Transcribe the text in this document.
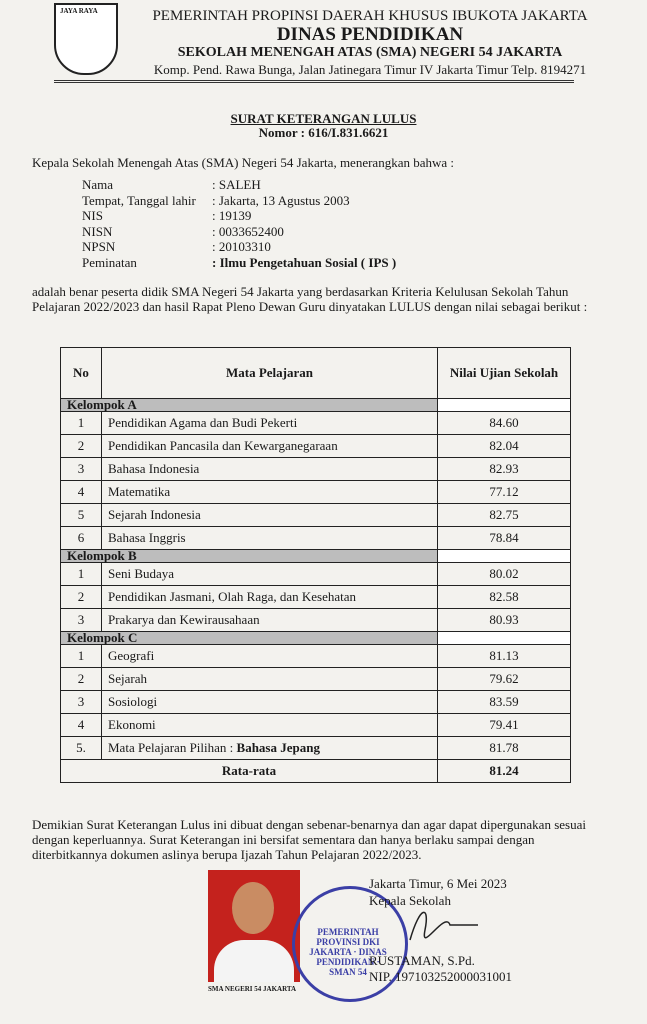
JAYA RAYA	PEMERINTAH PROPINSI DAERAH KHUSUS IBUKOTA JAKARTA
DINAS PENDIDIKAN
SEKOLAH MENENGAH ATAS (SMA) NEGERI 54 JAKARTA
Komp. Pend. Rawa Bunga, Jalan Jatinegara Timur IV Jakarta Timur Telp. 8194271
SURAT KETERANGAN LULUS
Nomor : 616/I.831.6621
Kepala Sekolah Menengah Atas (SMA) Negeri 54 Jakarta, menerangkan bahwa :
Nama	: SALEH
Tempat, Tanggal lahir	: Jakarta, 13 Agustus 2003
NIS	: 19139
NISN	: 0033652400
NPSN	: 20103310
Peminatan	: Ilmu Pengetahuan Sosial ( IPS )
adalah benar peserta didik SMA Negeri 54 Jakarta yang berdasarkan Kriteria Kelulusan Sekolah Tahun Pelajaran 2022/2023 dan hasil Rapat Pleno Dewan Guru dinyatakan LULUS dengan nilai sebagai berikut :
No	Mata Pelajaran	Nilai Ujian Sekolah
Kelompok A		
1	Pendidikan Agama dan Budi Pekerti	84.60
2	Pendidikan Pancasila dan Kewarganegaraan	82.04
3	Bahasa Indonesia	82.93
4	Matematika	77.12
5	Sejarah Indonesia	82.75
6	Bahasa Inggris	78.84
Kelompok B		
1	Seni Budaya	80.02
2	Pendidikan Jasmani, Olah Raga, dan Kesehatan	82.58
3	Prakarya dan Kewirausahaan	80.93
Kelompok C		
1	Geografi	81.13
2	Sejarah	79.62
3	Sosiologi	83.59
4	Ekonomi	79.41
5.	Mata Pelajaran Pilihan : Bahasa Jepang	81.78
Rata-rata		81.24
Demikian Surat Keterangan Lulus ini dibuat dengan sebenar-benarnya dan agar dapat dipergunakan sesuai dengan keperluannya. Surat Keterangan ini bersifat sementara dan hanya berlaku sampai dengan diterbitkannya dokumen aslinya berupa Ijazah Tahun Pelajaran 2022/2023.
SMA NEGERI 54 JAKARTA
PEMERINTAH PROVINSI DKI JAKARTA · DINAS PENDIDIKAN · SMAN 54
Jakarta Timur, 6 Mei 2023
Kepala Sekolah
RUSTAMAN, S.Pd.
NIP. 197103252000031001
